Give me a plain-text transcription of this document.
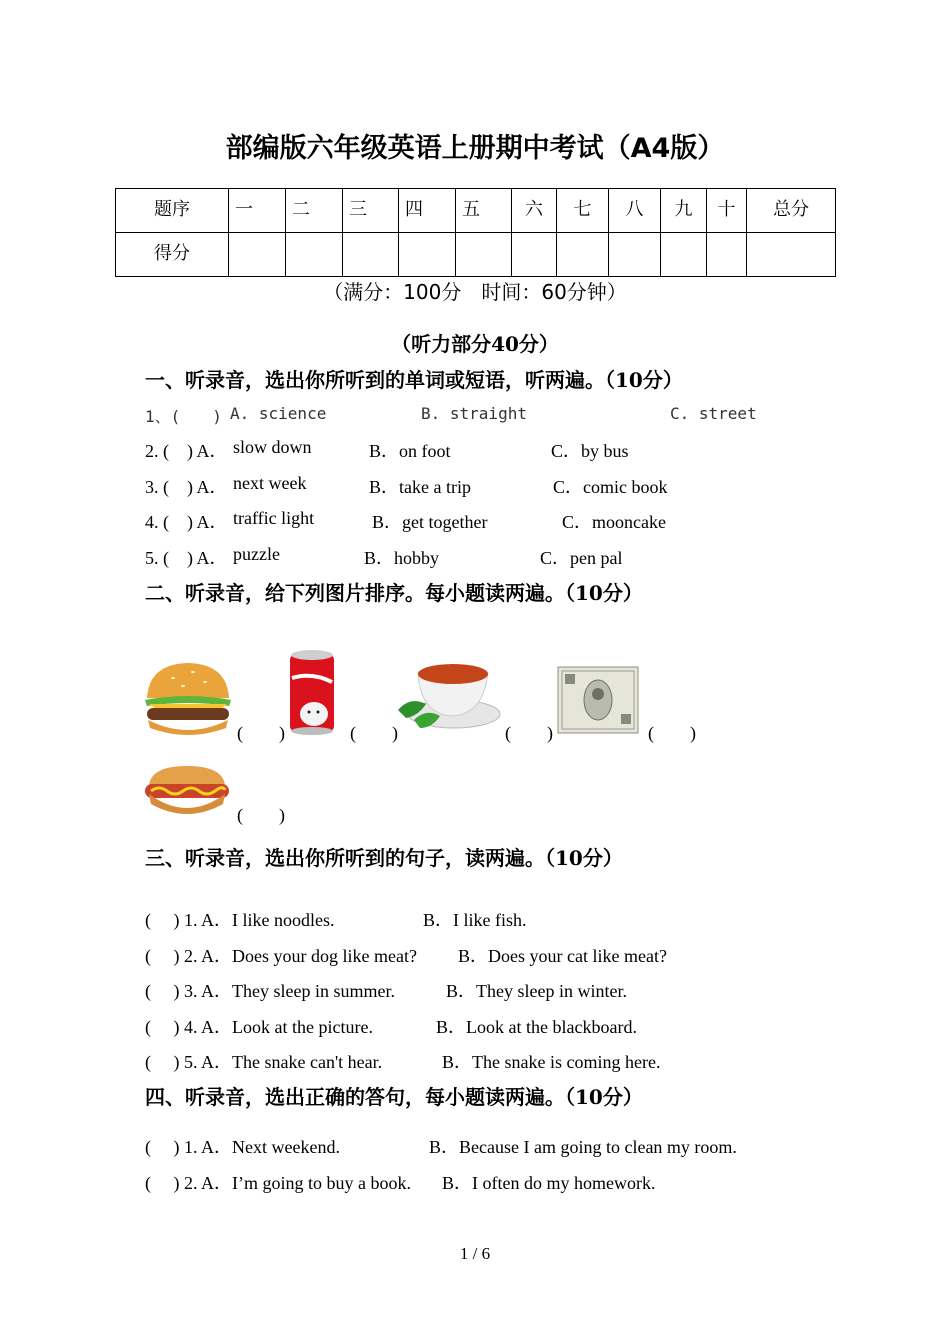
部编版六年级英语上册期中考试（A4版）
题序	一	二	三	四	五	六	七	八	九	十	总分
得分											
（满分：100分　时间：60分钟）
（听力部分40分）
一、听录音，选出你所听到的单词或短语，听两遍。（10分）
1、(　　) A. science	B. straight	C. street
2. (　) A． slow down	B．on foot	C．by bus
3. (　) A． next week	B．take a trip	C．comic book
4. (　) A． traffic light	B．get together	C．mooncake
5. (　) A． puzzle	B．hobby	C．pen pal
二、听录音，给下列图片排序。每小题读两遍。（10分）
(　　)	(　　)	(　　)	(　　)
(　　)
三、听录音，选出你所听到的句子，读两遍。（10分）
(　 ) 1. A．I like noodles.	B．I like fish.
(　 ) 2. A．Does your dog like meat? B．Does your cat like meat?
(　 ) 3. A．They sleep in summer.	B．They sleep in winter.
(　 ) 4. A．Look at the picture.	B．Look at the blackboard.
(　 ) 5. A．The snake can't hear.	B．The snake is coming here.
四、听录音，选出正确的答句，每小题读两遍。（10分）
(　 ) 1. A．Next weekend.	B．Because I am going to clean my room.
(　 ) 2. A．I’m going to buy a book. B．I often do my homework.
1 / 6
